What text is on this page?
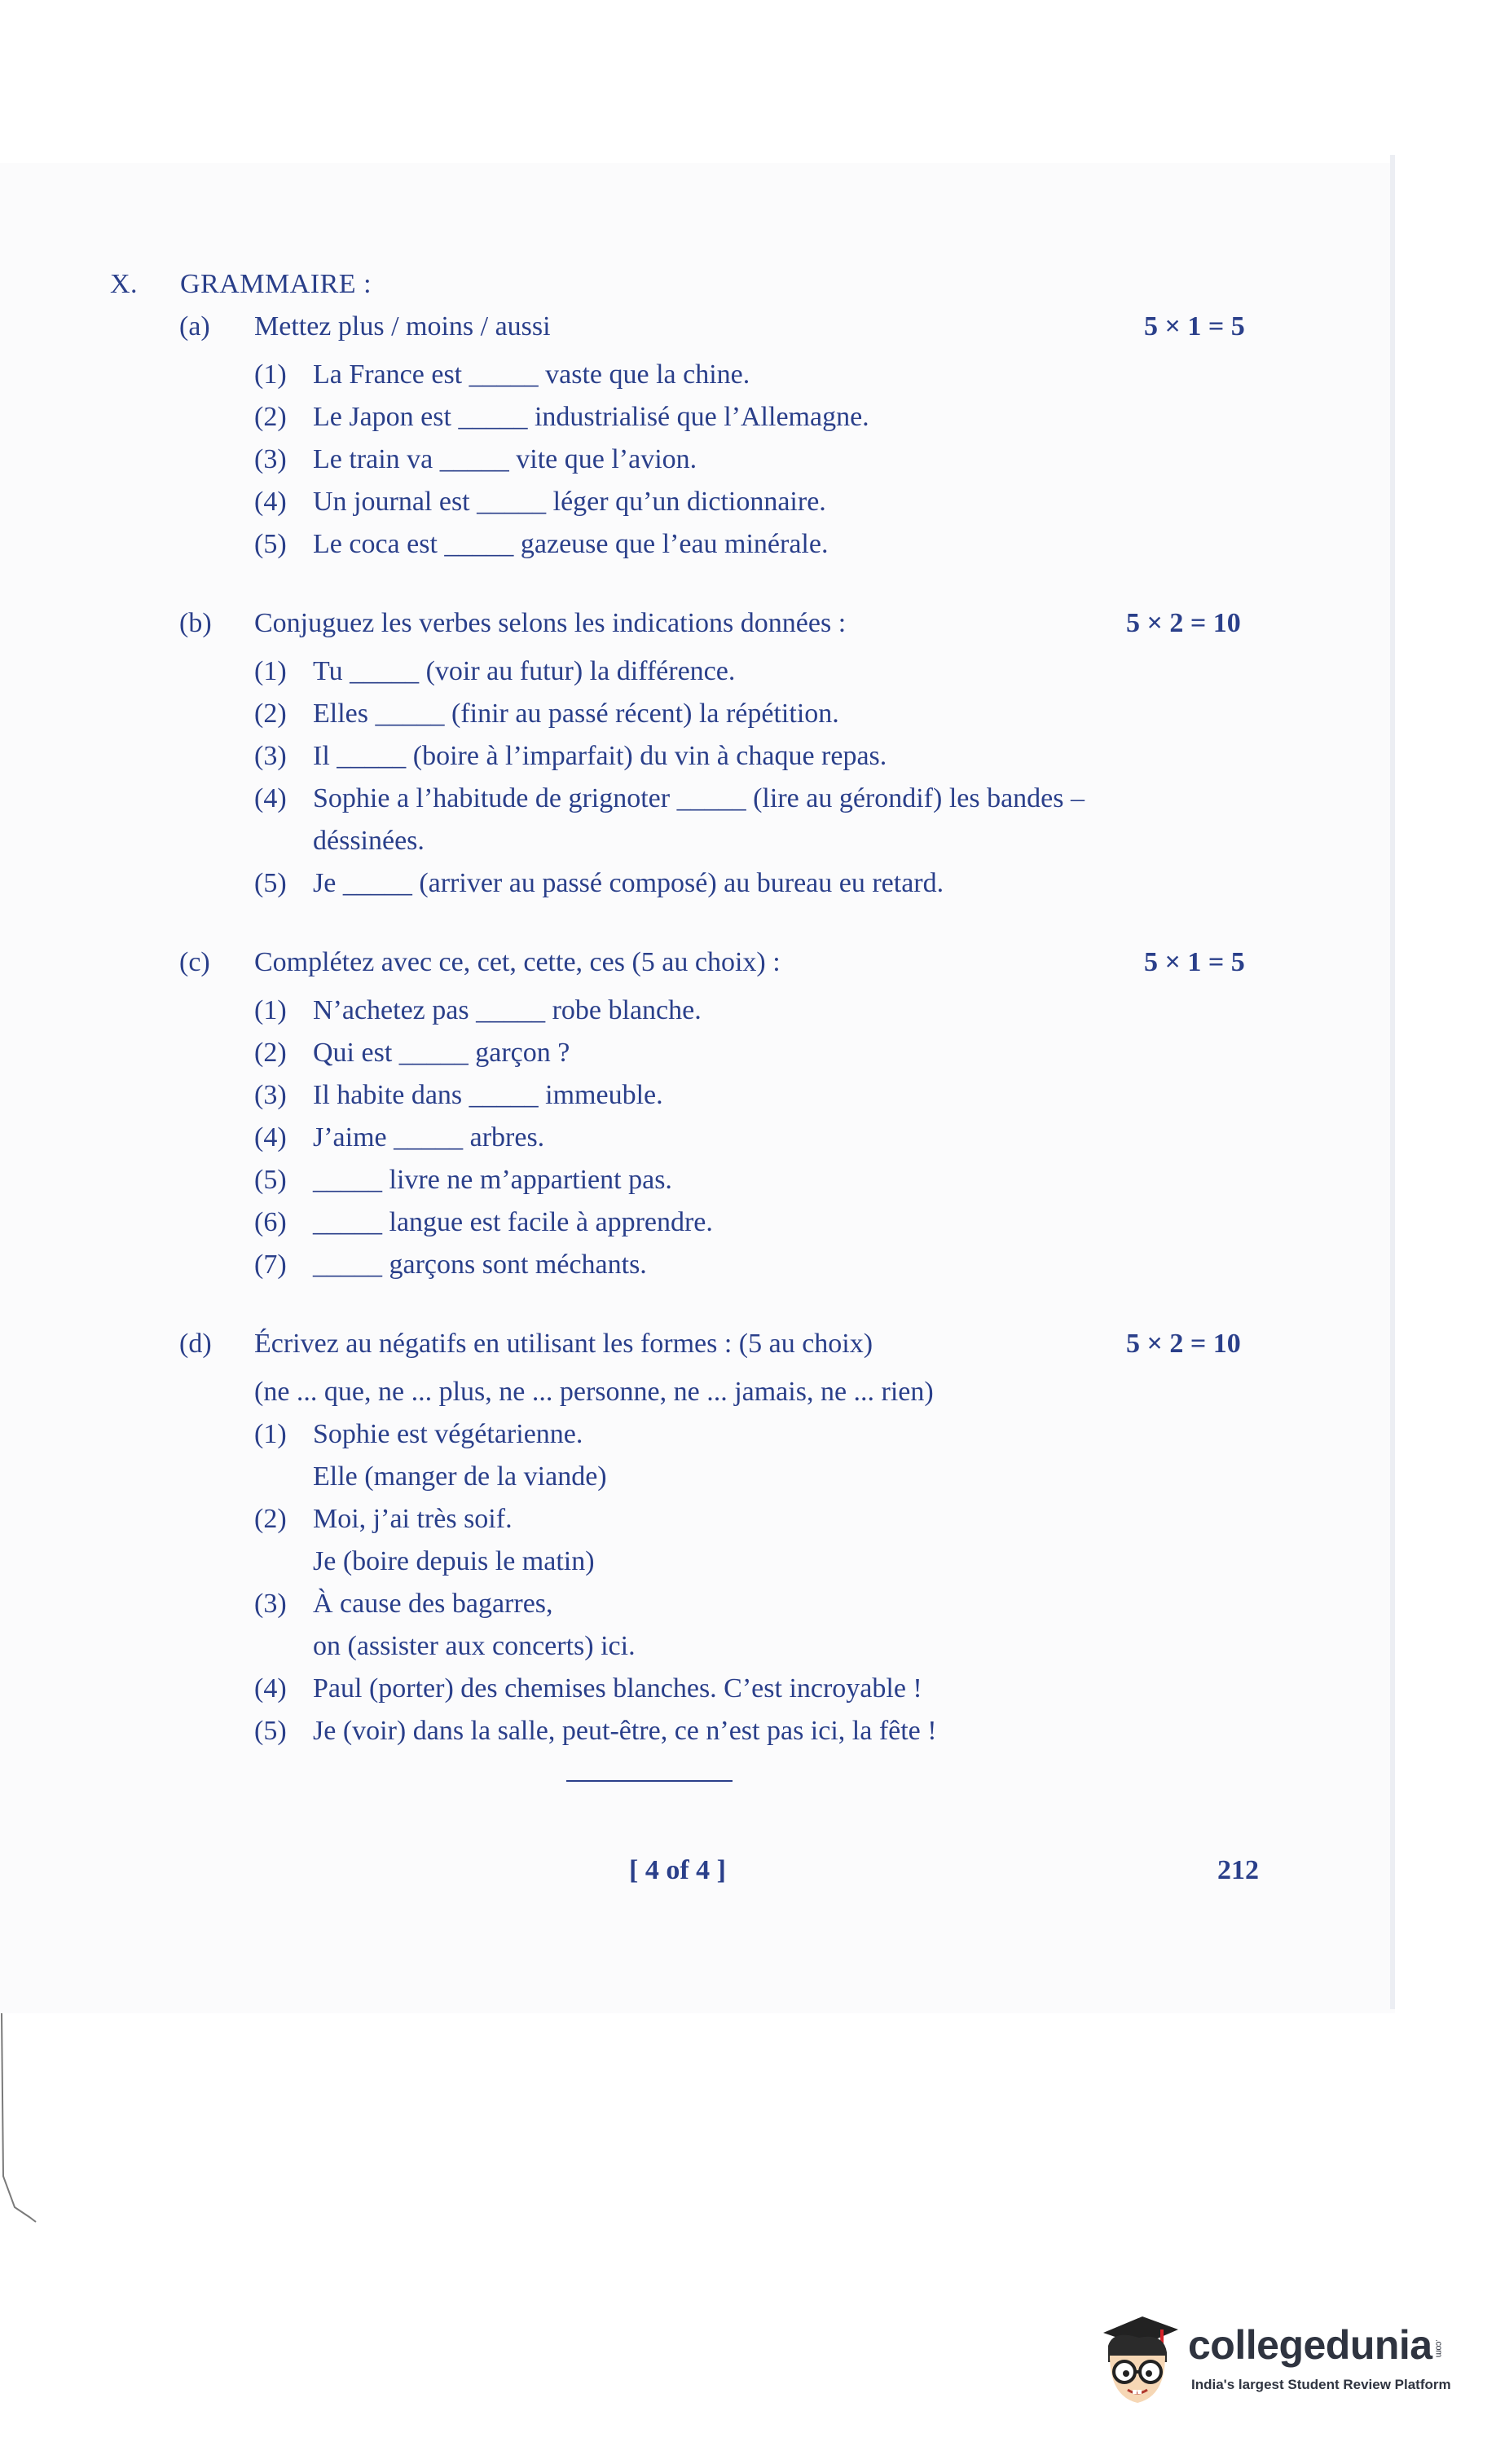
X. GRAMMAIRE :
(a) Mettez plus / moins / aussi
(1) La France est _____ vaste que la chine.
(2) Le Japon est _____ industrialisé que l’Allemagne.
(3) Le train va _____ vite que l’avion.
(4) Un journal est _____ léger qu’un dictionnaire.
(5) Le coca est _____ gazeuse que l’eau minérale.
5 × 1 = 5
(b) Conjuguez les verbes selons les indications données :
(1) Tu _____ (voir au futur) la différence.
(2) Elles _____ (finir au passé récent) la répétition.
(3) Il _____ (boire à l’imparfait) du vin à chaque repas.
(4) Sophie a l’habitude de grignoter _____ (lire au gérondif) les bandes –
déssinées.
(5) Je _____ (arriver au passé composé) au bureau eu retard.
5 × 2 = 10
(c) Complétez avec ce, cet, cette, ces (5 au choix) :
(1) N’achetez pas _____ robe blanche.
(2) Qui est _____ garçon ?
(3) Il habite dans _____ immeuble.
(4) J’aime _____ arbres.
(5) _____ livre ne m’appartient pas.
(6) _____ langue est facile à apprendre.
(7) _____ garçons sont méchants.
5 × 1 = 5
(d) Écrivez au négatifs en utilisant les formes : (5 au choix)
(ne ... que, ne ... plus, ne ... personne, ne ... jamais, ne ... rien)
(1) Sophie est végétarienne.
Elle (manger de la viande)
(2) Moi, j’ai très soif.
Je (boire depuis le matin)
(3) À cause des bagarres,
on (assister aux concerts) ici.
(4) Paul (porter) des chemises blanches. C’est incroyable !
(5) Je (voir) dans la salle, peut-être, ce n’est pas ici, la fête !
5 × 2 = 10
[ 4 of 4 ]	212
collegedunia .com
India's largest Student Review Platform
